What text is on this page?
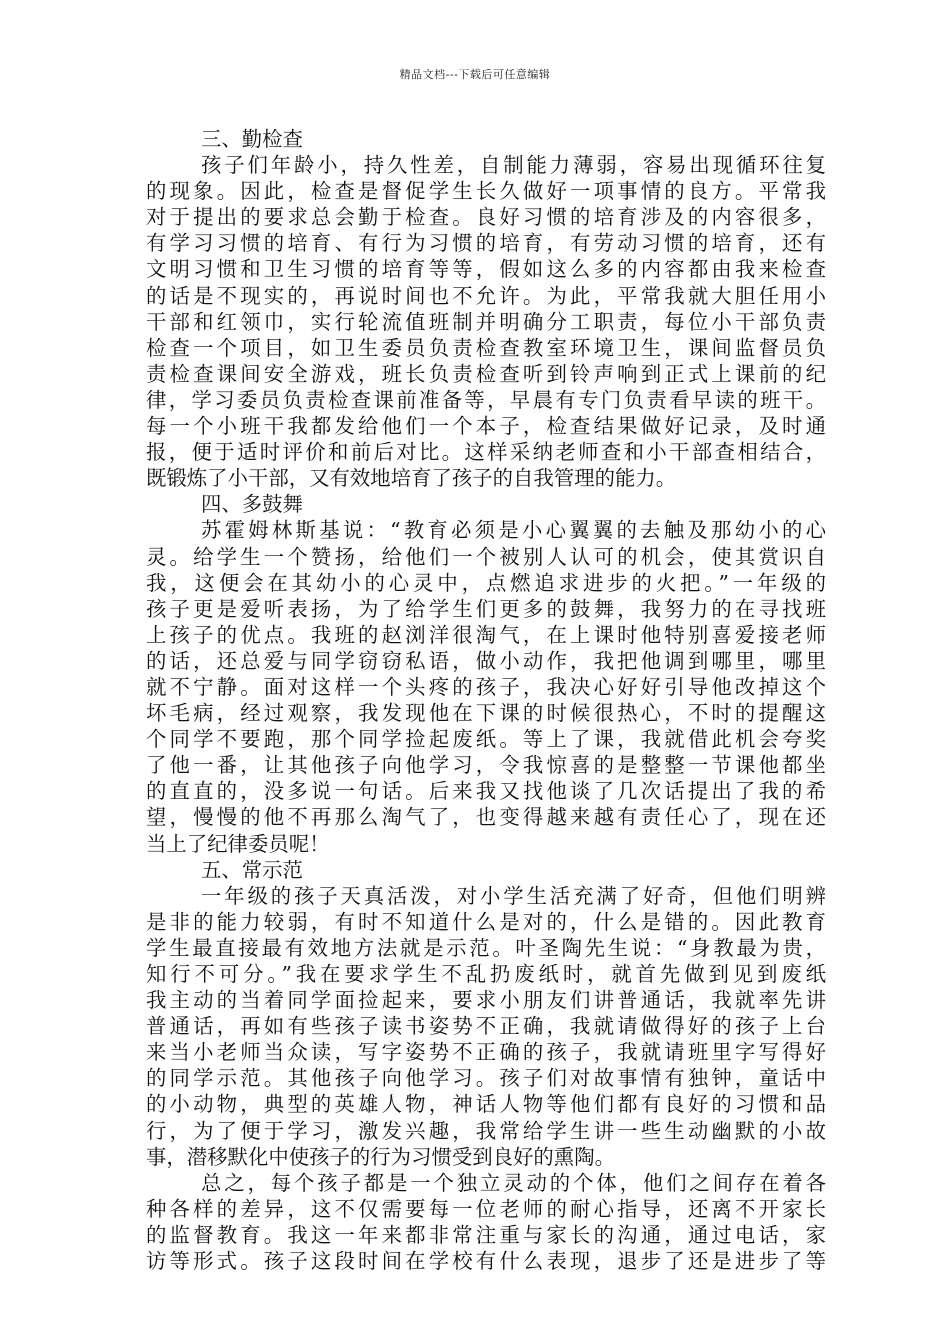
精品文档---下载后可任意编辑
三、勤检查
孩子们年龄小，持久性差，自制能力薄弱，容易出现循环往复
的现象。因此，检查是督促学生长久做好一项事情的良方。平常我
对于提出的要求总会勤于检查。良好习惯的培育涉及的内容很多，
有学习习惯的培育、有行为习惯的培育，有劳动习惯的培育，还有
文明习惯和卫生习惯的培育等等，假如这么多的内容都由我来检查
的话是不现实的，再说时间也不允许。为此，平常我就大胆任用小
干部和红领巾，实行轮流值班制并明确分工职责，每位小干部负责
检查一个项目，如卫生委员负责检查教室环境卫生，课间监督员负
责检查课间安全游戏，班长负责检查听到铃声响到正式上课前的纪
律，学习委员负责检查课前准备等，早晨有专门负责看早读的班干。
每一个小班干我都发给他们一个本子，检查结果做好记录，及时通
报，便于适时评价和前后对比。这样采纳老师查和小干部查相结合，
既锻炼了小干部，又有效地培育了孩子的自我管理的能力。
四、多鼓舞
苏霍姆林斯基说：“教育必须是小心翼翼的去触及那幼小的心
灵。给学生一个赞扬，给他们一个被别人认可的机会，使其赏识自
我，这便会在其幼小的心灵中，点燃追求进步的火把。”一年级的
孩子更是爱听表扬，为了给学生们更多的鼓舞，我努力的在寻找班
上孩子的优点。我班的赵浏洋很淘气，在上课时他特别喜爱接老师
的话，还总爱与同学窃窃私语，做小动作，我把他调到哪里，哪里
就不宁静。面对这样一个头疼的孩子，我决心好好引导他改掉这个
坏毛病，经过观察，我发现他在下课的时候很热心，不时的提醒这
个同学不要跑，那个同学捡起废纸。等上了课，我就借此机会夸奖
了他一番，让其他孩子向他学习，令我惊喜的是整整一节课他都坐
的直直的，没多说一句话。后来我又找他谈了几次话提出了我的希
望，慢慢的他不再那么淘气了，也变得越来越有责任心了，现在还
当上了纪律委员呢！
五、常示范
一年级的孩子天真活泼，对小学生活充满了好奇，但他们明辨
是非的能力较弱，有时不知道什么是对的，什么是错的。因此教育
学生最直接最有效地方法就是示范。叶圣陶先生说：“身教最为贵，
知行不可分。”我在要求学生不乱扔废纸时，就首先做到见到废纸
我主动的当着同学面捡起来，要求小朋友们讲普通话，我就率先讲
普通话，再如有些孩子读书姿势不正确，我就请做得好的孩子上台
来当小老师当众读，写字姿势不正确的孩子，我就请班里字写得好
的同学示范。其他孩子向他学习。孩子们对故事情有独钟，童话中
的小动物，典型的英雄人物，神话人物等他们都有良好的习惯和品
行，为了便于学习，激发兴趣，我常给学生讲一些生动幽默的小故
事，潜移默化中使孩子的行为习惯受到良好的熏陶。
总之，每个孩子都是一个独立灵动的个体，他们之间存在着各
种各样的差异，这不仅需要每一位老师的耐心指导，还离不开家长
的监督教育。我这一年来都非常注重与家长的沟通，通过电话，家
访等形式。孩子这段时间在学校有什么表现，退步了还是进步了等
